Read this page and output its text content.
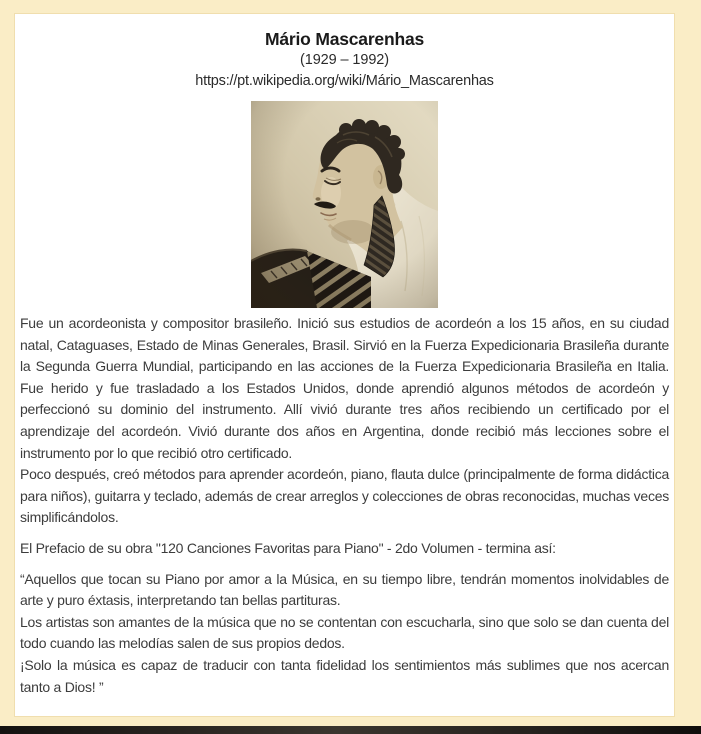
Mário Mascarenhas
(1929 – 1992)
https://pt.wikipedia.org/wiki/Mário_Mascarenhas

Fue un acordeonista y compositor brasileño. Inició sus estudios de acordeón a los 15 años, en su ciudad natal, Cataguases, Estado de Minas Generales, Brasil. Sirvió en la Fuerza Expedicionaria Brasileña durante la Segunda Guerra Mundial, participando en las acciones de la Fuerza Expedicionaria Brasileña en Italia. Fue herido y fue trasladado a los Estados Unidos, donde aprendió algunos métodos de acordeón y perfeccionó su dominio del instrumento. Allí vivió durante tres años recibiendo un certificado por el aprendizaje del acordeón. Vivió durante dos años en Argentina, donde recibió más lecciones sobre el instrumento por lo que recibió otro certificado.

Poco después, creó métodos para aprender acordeón, piano, flauta dulce (principalmente de forma didáctica para niños), guitarra y teclado, además de crear arreglos y colecciones de obras reconocidas, muchas veces simplificándolos.

El Prefacio de su obra "120 Canciones Favoritas para Piano" - 2do Volumen - termina así:

“Aquellos que tocan su Piano por amor a la Música, en su tiempo libre, tendrán momentos inolvidables de arte y puro éxtasis, interpretando tan bellas partituras.

Los artistas son amantes de la música que no se contentan con escucharla, sino que solo se dan cuenta del todo cuando las melodías salen de sus propios dedos.

¡Solo la música es capaz de traducir con tanta fidelidad los sentimientos más sublimes que nos acercan tanto a Dios! ”
